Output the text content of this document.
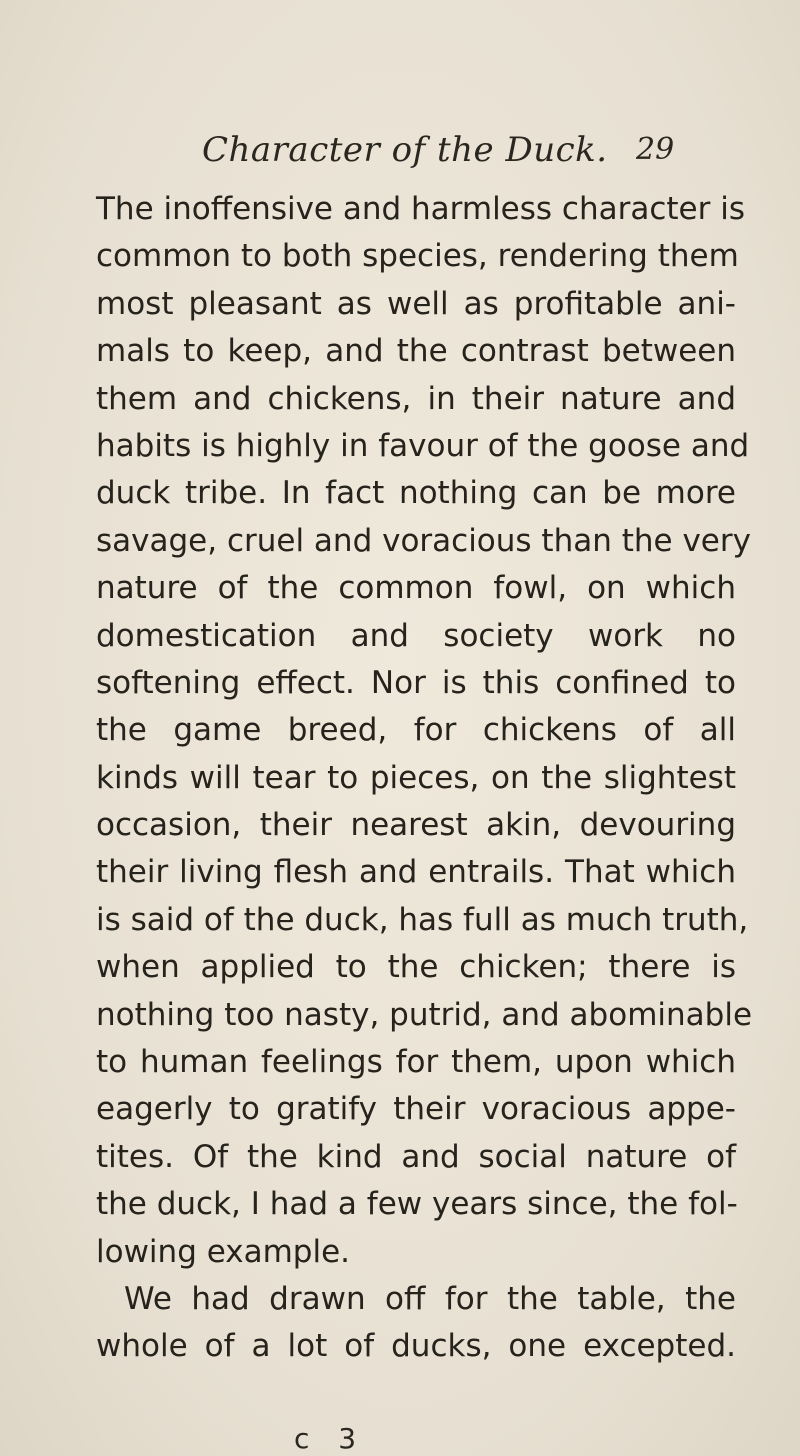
Character of the Duck. 29
The inoffensive and harmless character is
common to both species, rendering them
most pleasant as well as profitable ani-
mals to keep, and the contrast between
them and chickens, in their nature and
habits is highly in favour of the goose and
duck tribe. In fact nothing can be more
savage, cruel and voracious than the very
nature of the common fowl, on which
domestication and society work no
softening effect. Nor is this confined to
the game breed, for chickens of all
kinds will tear to pieces, on the slightest
occasion, their nearest akin, devouring
their living flesh and entrails. That which
is said of the duck, has full as much truth,
when applied to the chicken; there is
nothing too nasty, putrid, and abominable
to human feelings for them, upon which
eagerly to gratify their voracious appe-
tites. Of the kind and social nature of
the duck, I had a few years since, the fol-
lowing example.
We had drawn off for the table, the
whole of a lot of ducks, one excepted.
c 3
